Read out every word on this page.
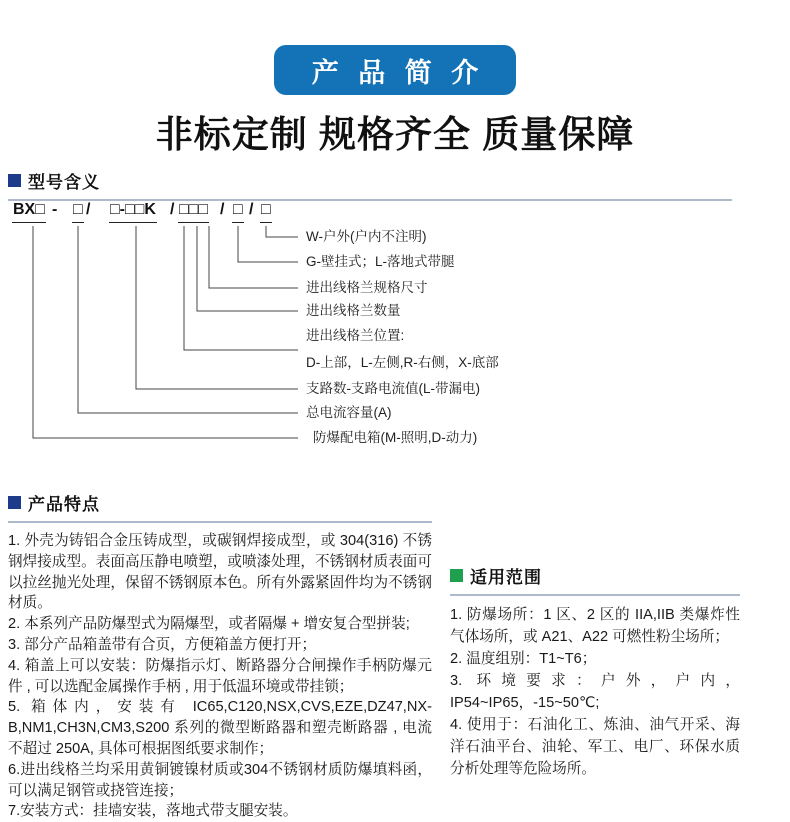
产 品 简 介
非标定制 规格齐全 质量保障
型号含义
BX□ - □ / □-□□K / □□□ / □ / □
W-户外(户内不注明)
G-壁挂式；L-落地式带腿
进出线格兰规格尺寸
进出线格兰数量
进出线格兰位置:
D-上部，L-左侧,R-右侧，X-底部
支路数-支路电流值(L-带漏电)
总电流容量(A)
防爆配电箱(M-照明,D-动力)
产品特点
1. 外壳为铸铝合金压铸成型，或碳钢焊接成型，或 304(316) 不锈钢焊接成型。表面高压静电喷塑，或喷漆处理，不锈钢材质表面可以拉丝抛光处理，保留不锈钢原本色。所有外露紧固件均为不锈钢材质。
2. 本系列产品防爆型式为隔爆型，或者隔爆 + 增安复合型拼装;
3. 部分产品箱盖带有合页，方便箱盖方便打开；
4. 箱盖上可以安装：防爆指示灯、断路器分合闸操作手柄防爆元件 , 可以选配金属操作手柄 , 用于低温环境或带挂锁；
5. 箱体内，安装有 IC65,C120,NSX,CVS,EZE,DZ47,NX-B,NM1,CH3N,CM3,S200 系列的微型断路器和塑壳断路器 , 电流不超过 250A, 具体可根据图纸要求制作；
6.进出线格兰均采用黄铜镀镍材质或304不锈钢材质防爆填料函，可以满足钢管或挠管连接；
7.安装方式：挂墙安装，落地式带支腿安装。
适用范围
1. 防爆场所：1 区、2 区的 IIA,IIB 类爆炸性气体场所，或 A21、A22 可燃性粉尘场所；
2. 温度组别：T1~T6；
3. 环境要求：户外，户内，IP54~IP65，-15~50℃;
4. 使用于：石油化工、炼油、油气开采、海洋石油平台、油轮、军工、电厂、环保水质分析处理等危险场所。
